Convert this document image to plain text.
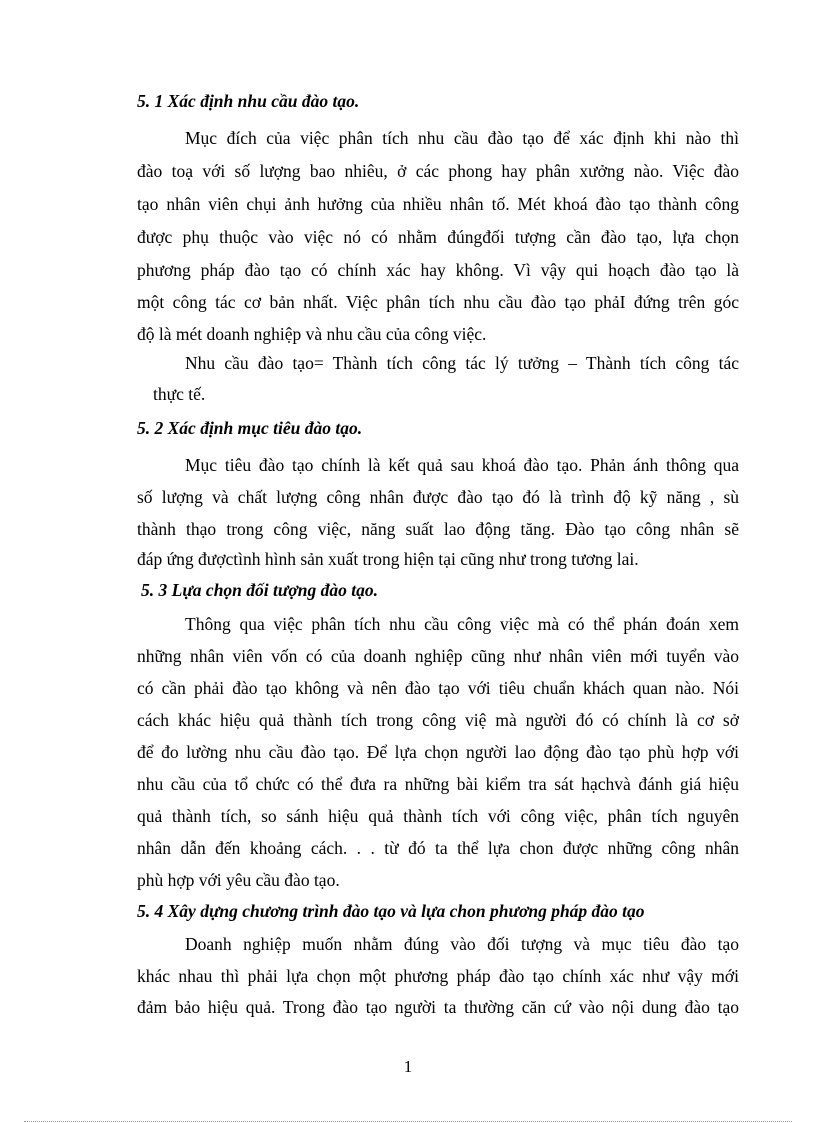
5. 1 Xác định nhu cầu đào tạo.
Mục đích của việc phân tích nhu cầu đào tạo để xác định khi nào thì
đào toạ với số lượng bao nhiêu, ở các phong hay phân xưởng nào. Việc đào
tạo nhân viên chụi ảnh hưởng của nhiều nhân tố. Mét khoá đào tạo thành công
được phụ thuộc vào việc nó có nhằm đúngđối tượng cần đào tạo, lựa chọn
phương pháp đào tạo có chính xác hay không. Vì vậy qui hoạch đào tạo là
một công tác cơ bản nhất. Việc phân tích nhu cầu đào tạo phảI đứng trên góc
độ là mét doanh nghiệp và nhu cầu của công việc.
Nhu cầu đào tạo= Thành tích công tác lý tưởng – Thành tích công tác
thực tế.
5. 2 Xác định mục tiêu đào tạo.
Mục tiêu đào tạo chính là kết quả sau khoá đào tạo. Phản ánh thông qua
số lượng và chất lượng công nhân được đào tạo đó là trình độ kỹ năng , sù
thành thạo trong công việc, năng suất lao động tăng. Đào tạo công nhân sẽ
đáp ứng đượctình hình sản xuất trong hiện tại cũng như trong tương lai.
5. 3 Lựa chọn đối tượng đào tạo.
Thông qua việc phân tích nhu cầu công việc mà có thể phán đoán xem
những nhân viên vốn có của doanh nghiệp cũng như nhân viên mới tuyển vào
có cần phải đào tạo không và nên đào tạo với tiêu chuẩn khách quan nào. Nói
cách khác hiệu quả thành tích trong công việ mà người đó có chính là cơ sở
để đo lường nhu cầu đào tạo. Để lựa chọn người lao động đào tạo phù hợp với
nhu cầu của tổ chức có thể đưa ra những bài kiểm tra sát hạchvà đánh giá hiệu
quả thành tích, so sánh hiệu quả thành tích với công việc, phân tích nguyên
nhân dẫn đến khoảng cách. . . từ đó ta thể lựa chon được những công nhân
phù hợp với yêu cầu đào tạo.
5. 4 Xây dựng chương trình đào tạo và lựa chon phương pháp đào tạo
Doanh nghiệp muốn nhằm đúng vào đối tượng và mục tiêu đào tạo
khác nhau thì phải lựa chọn một phương pháp đào tạo chính xác như vậy mới
đảm bảo hiệu quả. Trong đào tạo người ta thường căn cứ vào nội dung đào tạo
1
